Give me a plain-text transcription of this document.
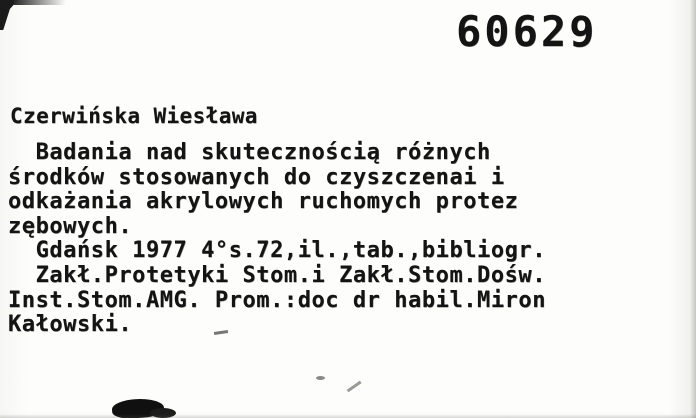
60629
Czerwińska Wiesława
Badania nad skutecznością różnych
środków stosowanych do czyszczenai i
odkażania akrylowych ruchomych protez
zębowych.
Gdańsk 1977 4°s.72,il.,tab.,bibliogr.
Zakł.Protetyki Stom.i Zakł.Stom.Dośw.
Inst.Stom.AMG. Prom.:doc dr habil.Miron
Kałowski.
